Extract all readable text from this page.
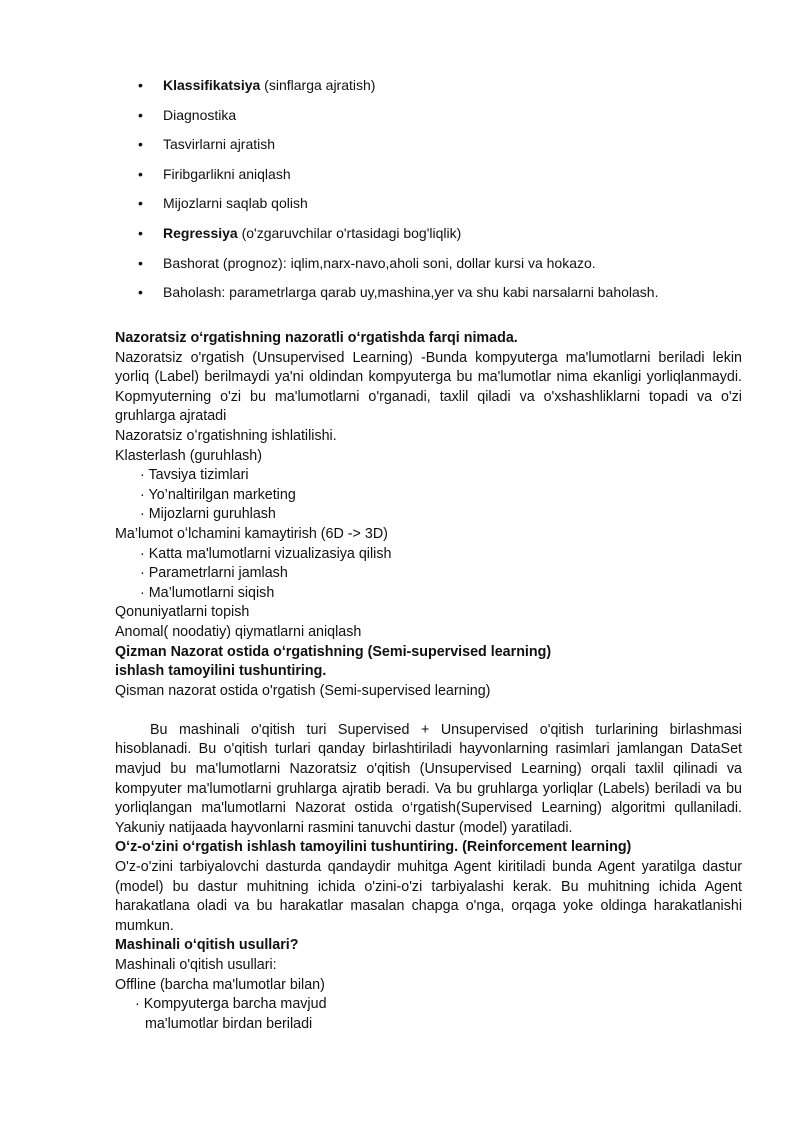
• Klassifikatsiya (sinflarga ajratish)
• Diagnostika
• Tasvirlarni ajratish
• Firibgarlikni aniqlash
• Mijozlarni saqlab qolish
• Regressiya (o'zgaruvchilar o'rtasidagi bog'liqlik)
• Bashorat (prognoz): iqlim,narx-navo,aholi soni, dollar kursi va hokazo.
• Baholash: parametrlarga qarab uy,mashina,yer va shu kabi narsalarni baholash.

Nazoratsiz oʻrgatishning nazoratli oʻrgatishda farqi nimada.

Nazoratsiz o'rgatish (Unsupervised Learning) -Bunda kompyuterga ma'lumotlarni beriladi lekin yorliq (Label) berilmaydi ya'ni oldindan kompyuterga bu ma'lumotlar nima ekanligi yorliqlanmaydi. Kopmyuterning o'zi bu ma'lumotlarni o'rganadi, taxlil qiladi va o'xshashliklarni topadi va o'zi gruhlarga ajratadi

Nazoratsiz oʻrgatishning ishlatilishi.

Klasterlash (guruhlash)

· Tavsiya tizimlari

· Yo’naltirilgan marketing

· Mijozlarni guruhlash

Ma’lumot oʻlchamini kamaytirish (6D -> 3D)

· Katta ma'lumotlarni vizualizasiya qilish

· Parametrlarni jamlash

· Ma’lumotlarni siqish

Qonuniyatlarni topish

Anomal( noodatiy) qiymatlarni aniqlash

Qizman Nazorat ostida oʻrgatishning (Semi-supervised learning)

ishlash tamoyilini tushuntiring.

Qisman nazorat ostida o'rgatish (Semi-supervised learning)

Bu mashinali o'qitish turi Supervised + Unsupervised o'qitish turlarining birlashmasi hisoblanadi. Bu o'qitish turlari qanday birlashtiriladi hayvonlarning rasimlari jamlangan DataSet mavjud bu ma'lumotlarni Nazoratsiz o'qitish (Unsupervised Learning) orqali taxlil qilinadi va kompyuter ma'lumotlarni gruhlarga ajratib beradi. Va bu gruhlarga yorliqlar (Labels) beriladi va bu yorliqlangan ma'lumotlarni Nazorat ostida o‘rgatish(Supervised Learning) algoritmi qullaniladi. Yakuniy natijaada hayvonlarni rasmini tanuvchi dastur (model) yaratiladi.

Oʻz-oʻzini oʻrgatish ishlash tamoyilini tushuntiring. (Reinforcement learning)

O'z-o'zini tarbiyalovchi dasturda qandaydir muhitga Agent kiritiladi bunda Agent yaratilga dastur (model) bu dastur muhitning ichida o'zini-o'zi tarbiyalashi kerak. Bu muhitning ichida Agent harakatlana oladi va bu harakatlar masalan chapga o'nga, orqaga yoke oldinga harakatlanishi mumkun.

Mashinali oʻqitish usullari?

Mashinali o'qitish usullari:

Offline (barcha ma'lumotlar bilan)

· Kompyuterga barcha mavjud

ma'lumotlar birdan beriladi
